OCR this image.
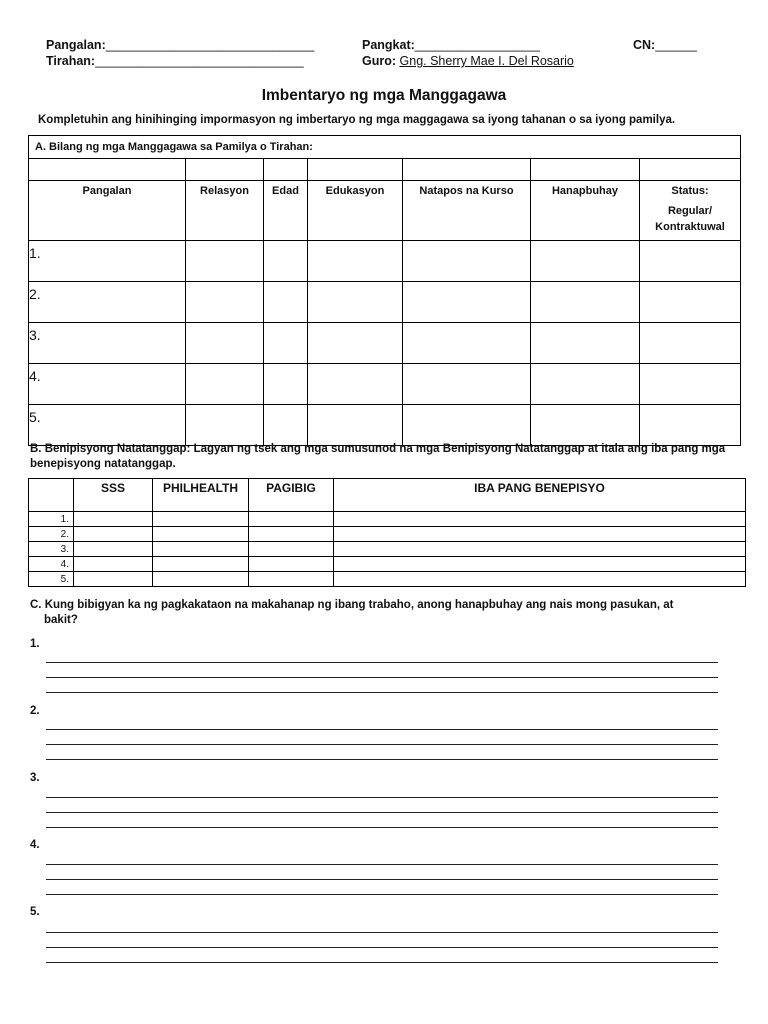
Pangalan:______________________________	Pangkat:__________________	CN:______
Tirahan:______________________________	Guro: Gng. Sherry Mae I. Del Rosario
Imbentaryo ng mga Manggagawa
Kompletuhin ang hinihinging impormasyon ng imbertaryo ng mga maggagawa sa iyong tahanan o sa iyong pamilya.
A. Bilang ng mga Manggagawa sa Pamilya o Tirahan:						

Pangalan	Relasyon	Edad	Edukasyon	Natapos na Kurso	Hanapbuhay	Status:
Regular/ Kontraktuwal

1.						
2.						
3.						
4.						
5.						
B. Benipisyong Natatanggap: Lagyan ng tsek ang mga sumusunod na mga Benipisyong Natatanggap at itala ang iba pang mga benepisyong natatanggap.
	SSS	PHILHEALTH	PAGIBIG	IBA PANG BENEPISYO
1.				
2.				
3.				
4.				
5.				
C. Kung bibigyan ka ng pagkakataon na makahanap ng ibang trabaho, anong hanapbuhay ang nais mong pasukan, at
bakit?
1.
2.
3.
4.
5.
